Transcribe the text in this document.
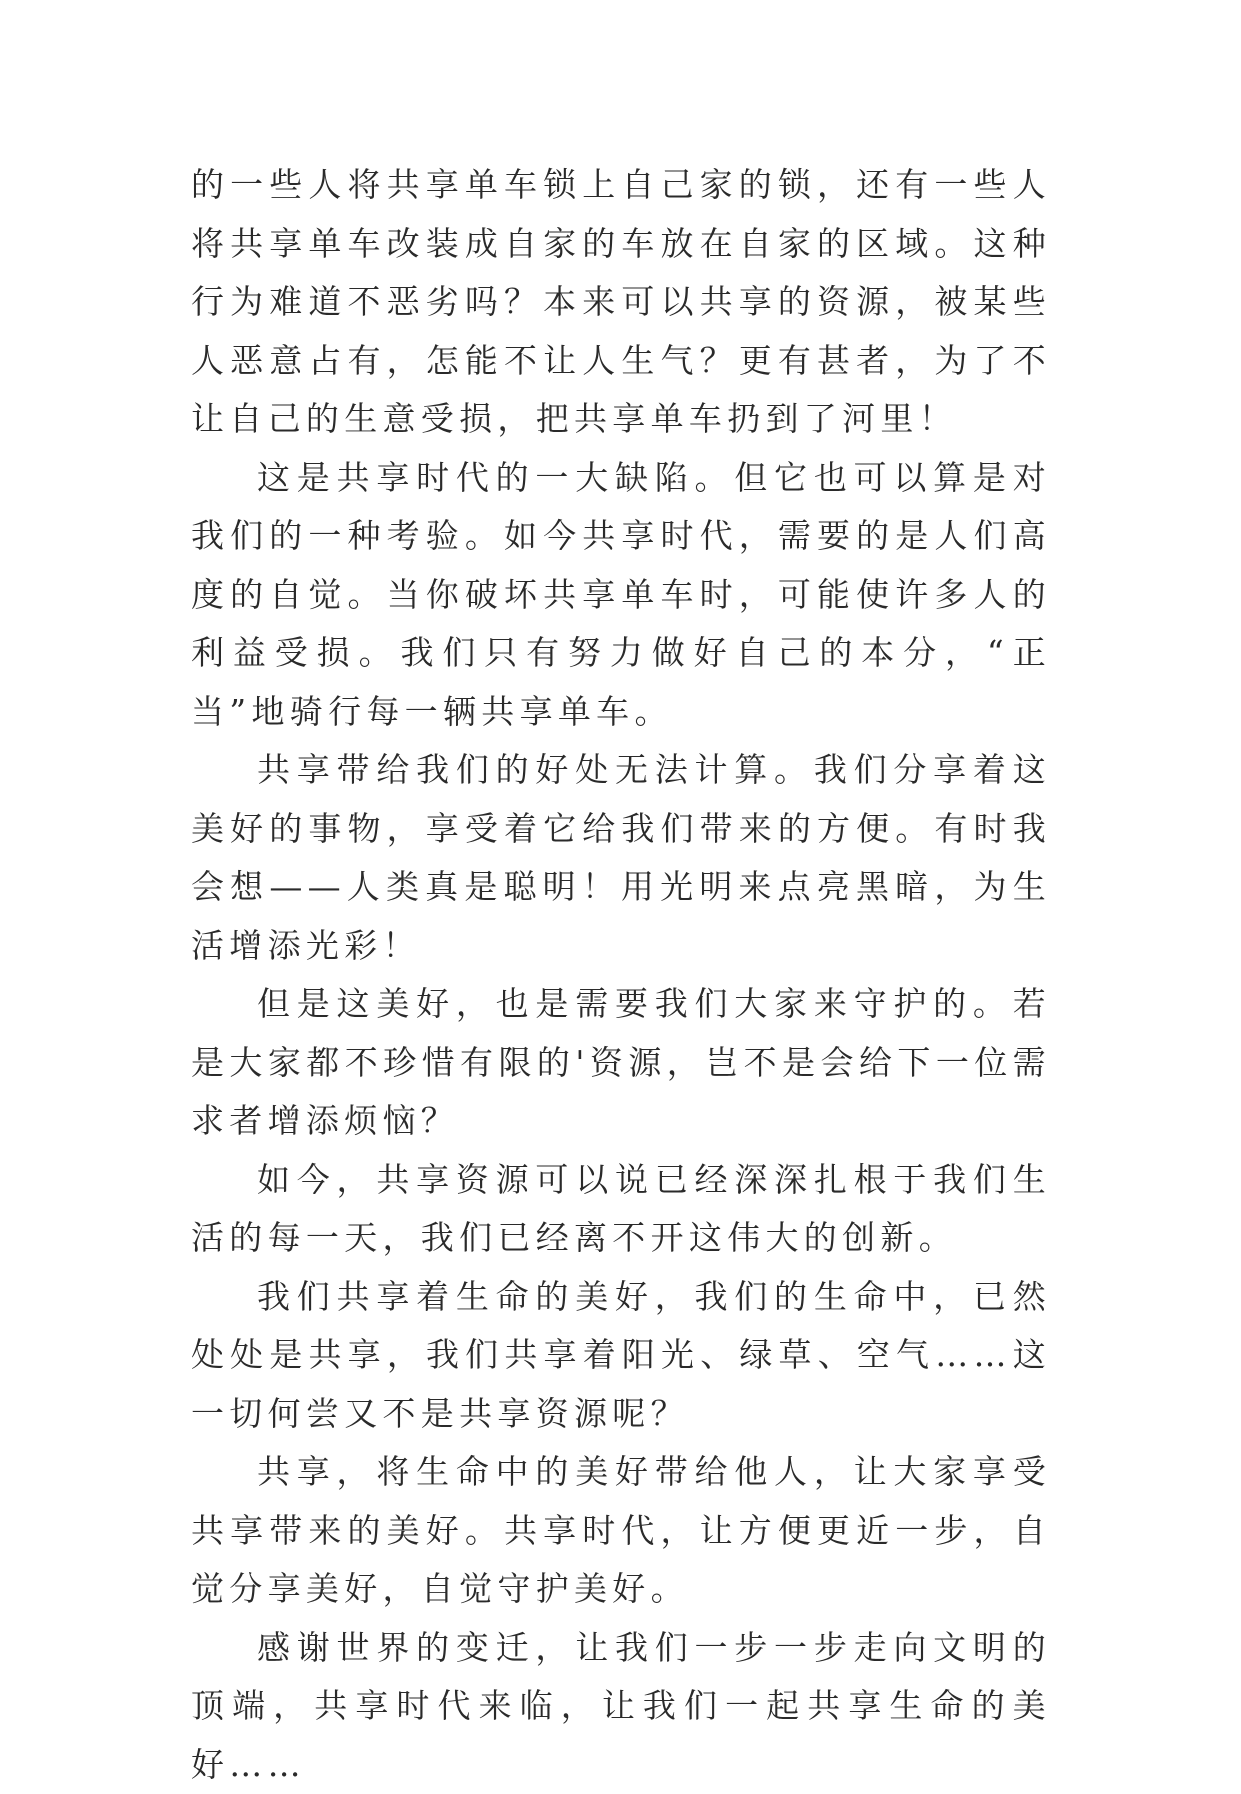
的一些人将共享单车锁上自己家的锁，还有一些人将共享单车改装成自家的车放在自家的区域。这种行为难道不恶劣吗？本来可以共享的资源，被某些人恶意占有，怎能不让人生气？更有甚者，为了不让自己的生意受损，把共享单车扔到了河里！

这是共享时代的一大缺陷。但它也可以算是对我们的一种考验。如今共享时代，需要的是人们高度的自觉。当你破坏共享单车时，可能使许多人的利益受损。我们只有努力做好自己的本分，“正当”地骑行每一辆共享单车。

共享带给我们的好处无法计算。我们分享着这美好的事物，享受着它给我们带来的方便。有时我会想——人类真是聪明！用光明来点亮黑暗，为生活增添光彩！

但是这美好，也是需要我们大家来守护的。若是大家都不珍惜有限的'资源，岂不是会给下一位需求者增添烦恼？

如今，共享资源可以说已经深深扎根于我们生活的每一天，我们已经离不开这伟大的创新。

我们共享着生命的美好，我们的生命中，已然处处是共享，我们共享着阳光、绿草、空气……这一切何尝又不是共享资源呢？

共享，将生命中的美好带给他人，让大家享受共享带来的美好。共享时代，让方便更近一步，自觉分享美好，自觉守护美好。

感谢世界的变迁，让我们一步一步走向文明的顶端，共享时代来临，让我们一起共享生命的美好……
